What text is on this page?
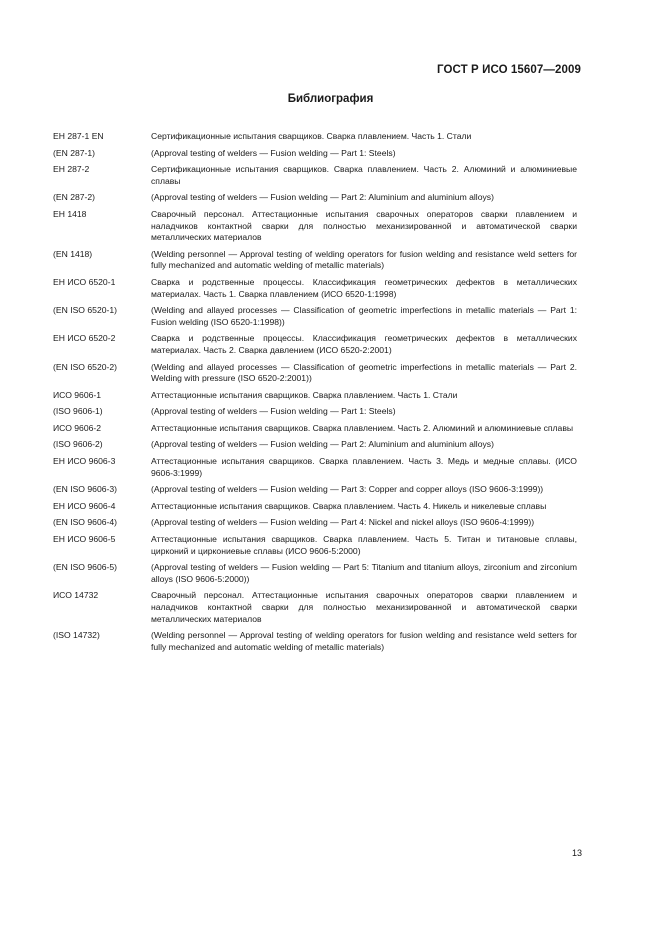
ГОСТ Р ИСО 15607—2009
Библиография
ЕН 287-1 EN	Сертификационные испытания сварщиков. Сварка плавлением. Часть 1. Стали
(EN 287-1)	(Approval testing of welders — Fusion welding — Part 1: Steels)
ЕН 287-2	Сертификационные испытания сварщиков. Сварка плавлением. Часть 2. Алюминий и алюминиевые сплавы
(EN 287-2)	(Approval testing of welders — Fusion welding — Part 2: Aluminium and aluminium alloys)
ЕН 1418	Сварочный персонал. Аттестационные испытания сварочных операторов сварки плавлением и наладчиков контактной сварки для полностью механизированной и автоматической сварки металлических материалов
(EN 1418)	(Welding personnel — Approval testing of welding operators for fusion welding and resistance weld setters for fully mechanized and automatic welding of metallic materials)
ЕН ИСО 6520-1	Сварка и родственные процессы. Классификация геометрических дефектов в металлических материалах. Часть 1. Сварка плавлением (ИСО 6520-1:1998)
(EN ISO 6520-1)	(Welding and allayed processes — Classification of geometric imperfections in metallic materials — Part 1: Fusion welding (ISO 6520-1:1998))
ЕН ИСО 6520-2	Сварка и родственные процессы. Классификация геометрических дефектов в металлических материалах. Часть 2. Сварка давлением (ИСО 6520-2:2001)
(EN ISO 6520-2)	(Welding and allayed processes — Classification of geometric imperfections in metallic materials — Part 2. Welding with pressure (ISO 6520-2:2001))
ИСО 9606-1	Аттестационные испытания сварщиков. Сварка плавлением. Часть 1. Стали
(ISO 9606-1)	(Approval testing of welders — Fusion welding — Part 1: Steels)
ИСО 9606-2	Аттестационные испытания сварщиков. Сварка плавлением. Часть 2. Алюминий и алюминиевые сплавы
(ISO 9606-2)	(Approval testing of welders — Fusion welding — Part 2: Aluminium and aluminium alloys)
ЕН ИСО 9606-3	Аттестационные испытания сварщиков. Сварка плавлением. Часть 3. Медь и медные сплавы. (ИСО 9606-3:1999)
(EN ISO 9606-3)	(Approval testing of welders — Fusion welding — Part 3: Copper and copper alloys (ISO 9606-3:1999))
ЕН ИСО 9606-4	Аттестационные испытания сварщиков. Сварка плавлением. Часть 4. Никель и никелевые сплавы
(EN ISO 9606-4)	(Approval testing of welders — Fusion welding — Part 4: Nickel and nickel alloys (ISO 9606-4:1999))
ЕН ИСО 9606-5	Аттестационные испытания сварщиков. Сварка плавлением. Часть 5. Титан и титановые сплавы, цирконий и циркониевые сплавы (ИСО 9606-5:2000)
(EN ISO 9606-5)	(Approval testing of welders — Fusion welding — Part 5: Titanium and titanium alloys, zirconium and zirconium alloys (ISO 9606-5:2000))
ИСО 14732	Сварочный персонал. Аттестационные испытания сварочных операторов сварки плавлением и наладчиков контактной сварки для полностью механизированной и автоматической сварки металлических материалов
(ISO 14732)	(Welding personnel — Approval testing of welding operators for fusion welding and resistance weld setters for fully mechanized and automatic welding of metallic materials)
13
